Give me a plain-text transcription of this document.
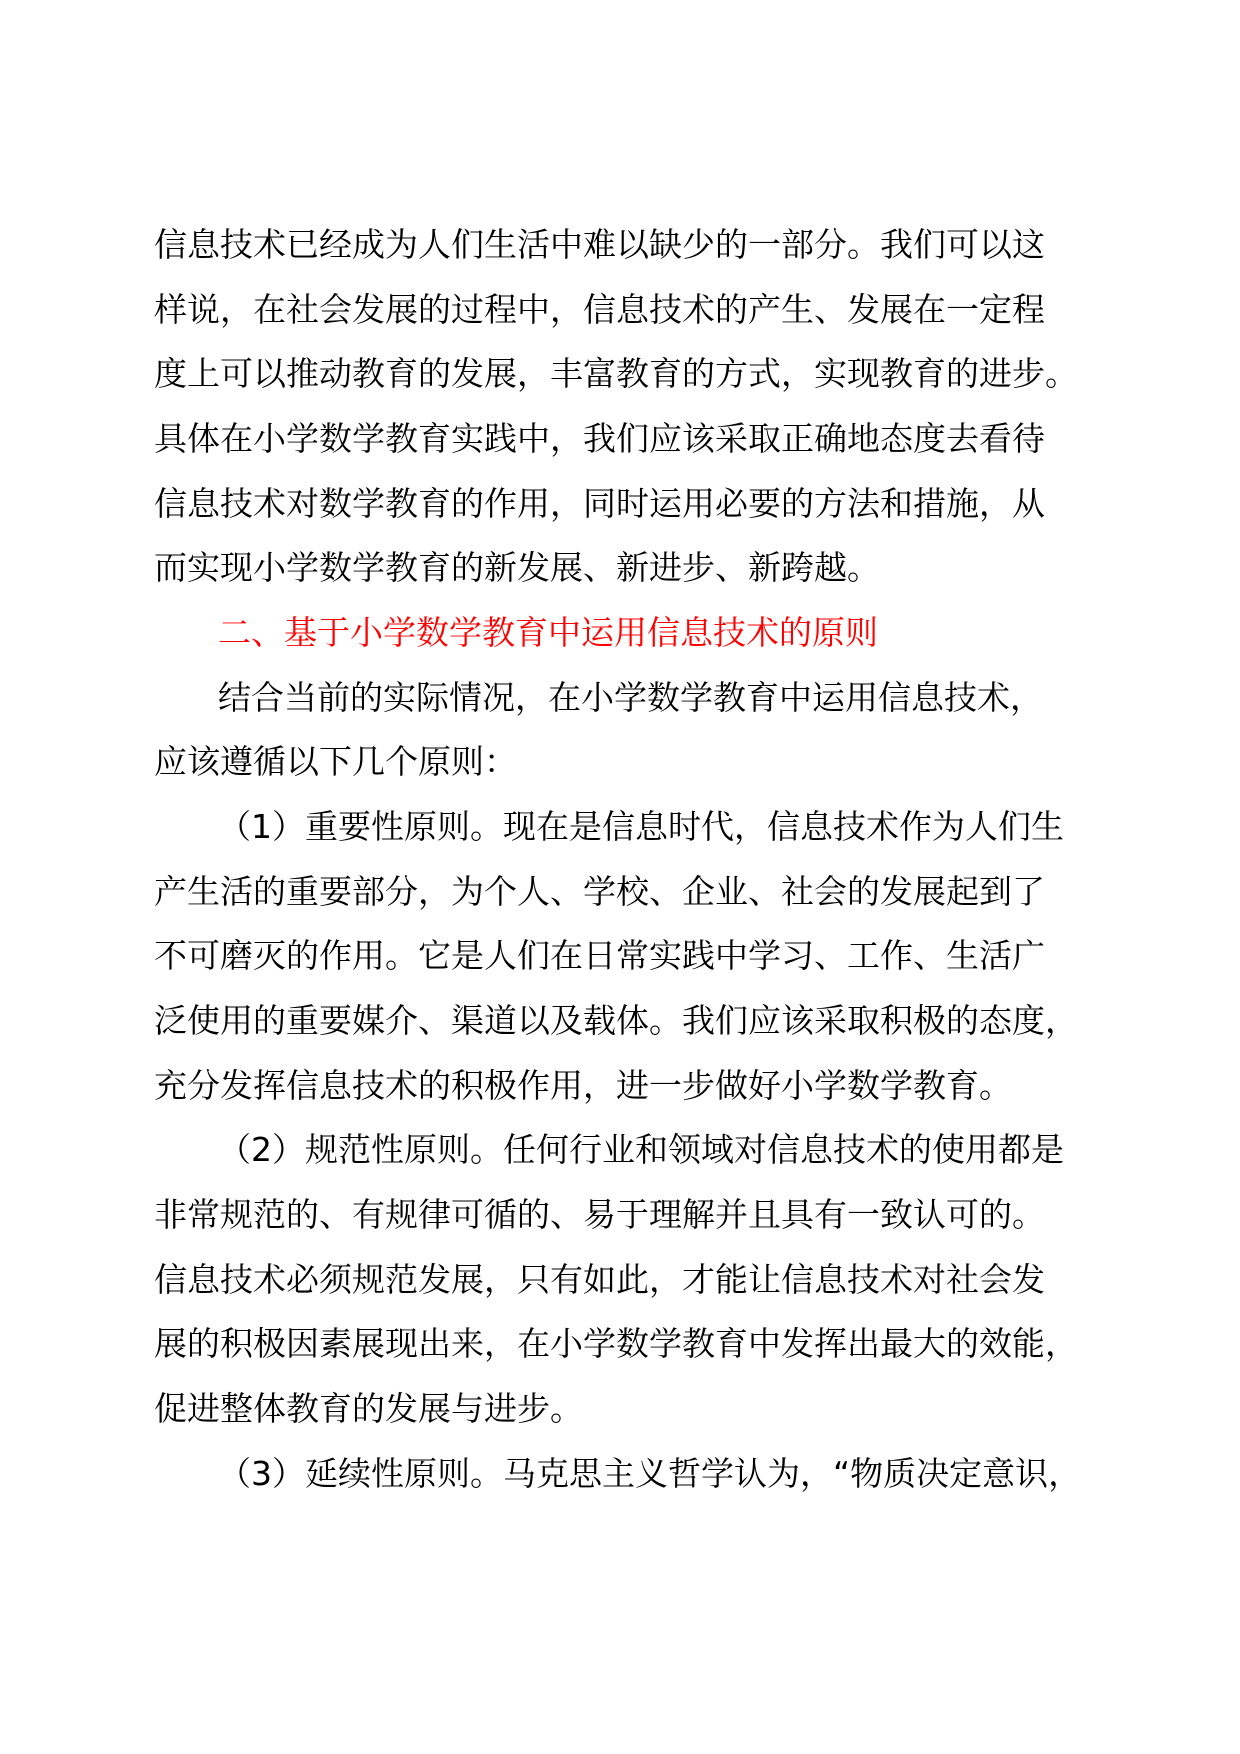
信息技术已经成为人们生活中难以缺少的一部分。我们可以这
样说，在社会发展的过程中，信息技术的产生、发展在一定程
度上可以推动教育的发展，丰富教育的方式，实现教育的进步。
具体在小学数学教育实践中，我们应该采取正确地态度去看待
信息技术对数学教育的作用，同时运用必要的方法和措施，从
而实现小学数学教育的新发展、新进步、新跨越。
二、基于小学数学教育中运用信息技术的原则
结合当前的实际情况，在小学数学教育中运用信息技术，
应该遵循以下几个原则：
（1）重要性原则。现在是信息时代，信息技术作为人们生
产生活的重要部分，为个人、学校、企业、社会的发展起到了
不可磨灭的作用。它是人们在日常实践中学习、工作、生活广
泛使用的重要媒介、渠道以及载体。我们应该采取积极的态度，
充分发挥信息技术的积极作用，进一步做好小学数学教育。
（2）规范性原则。任何行业和领域对信息技术的使用都是
非常规范的、有规律可循的、易于理解并且具有一致认可的。
信息技术必须规范发展，只有如此，才能让信息技术对社会发
展的积极因素展现出来，在小学数学教育中发挥出最大的效能，
促进整体教育的发展与进步。
（3）延续性原则。马克思主义哲学认为，“物质决定意识，
